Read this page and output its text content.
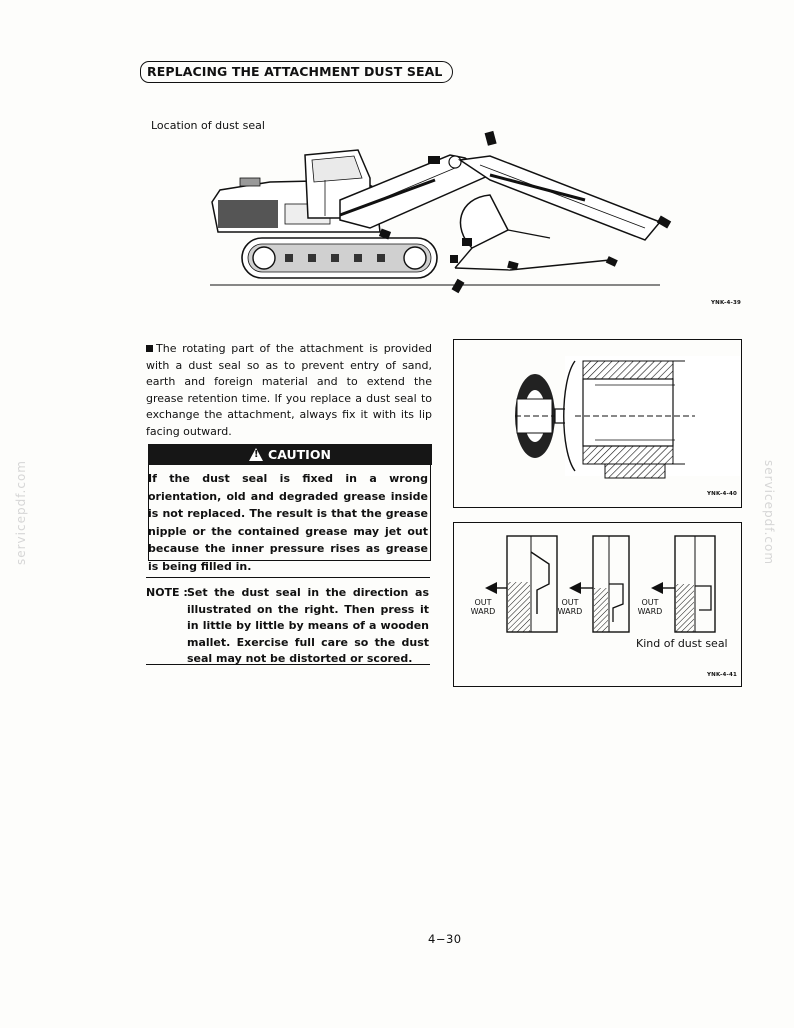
REPLACING THE ATTACHMENT DUST SEAL
Location of dust seal
YNK-4-39
The rotating part of the attachment is provided with a dust seal so as to prevent entry of sand, earth and foreign material and to extend the grease retention time. If you replace a dust seal to exchange the attachment, always fix it with its lip facing outward.
!CAUTION
If the dust seal is fixed in a wrong orientation, old and degraded grease inside is not replaced. The result is that the grease nipple or the contained grease may jet out because the inner pressure rises as grease is being filled in.
NOTE : Set the dust seal in the direction as illustrated on the right. Then press it in little by little by means of a wooden mallet. Exercise full care so the dust seal may not be distorted or scored.
YNK-4-40
OUT
WARD
OUT
WARD
OUT
WARD
Kind of dust seal
YNK-4-41
4−30
servicepdf.com	servicepdf.com
